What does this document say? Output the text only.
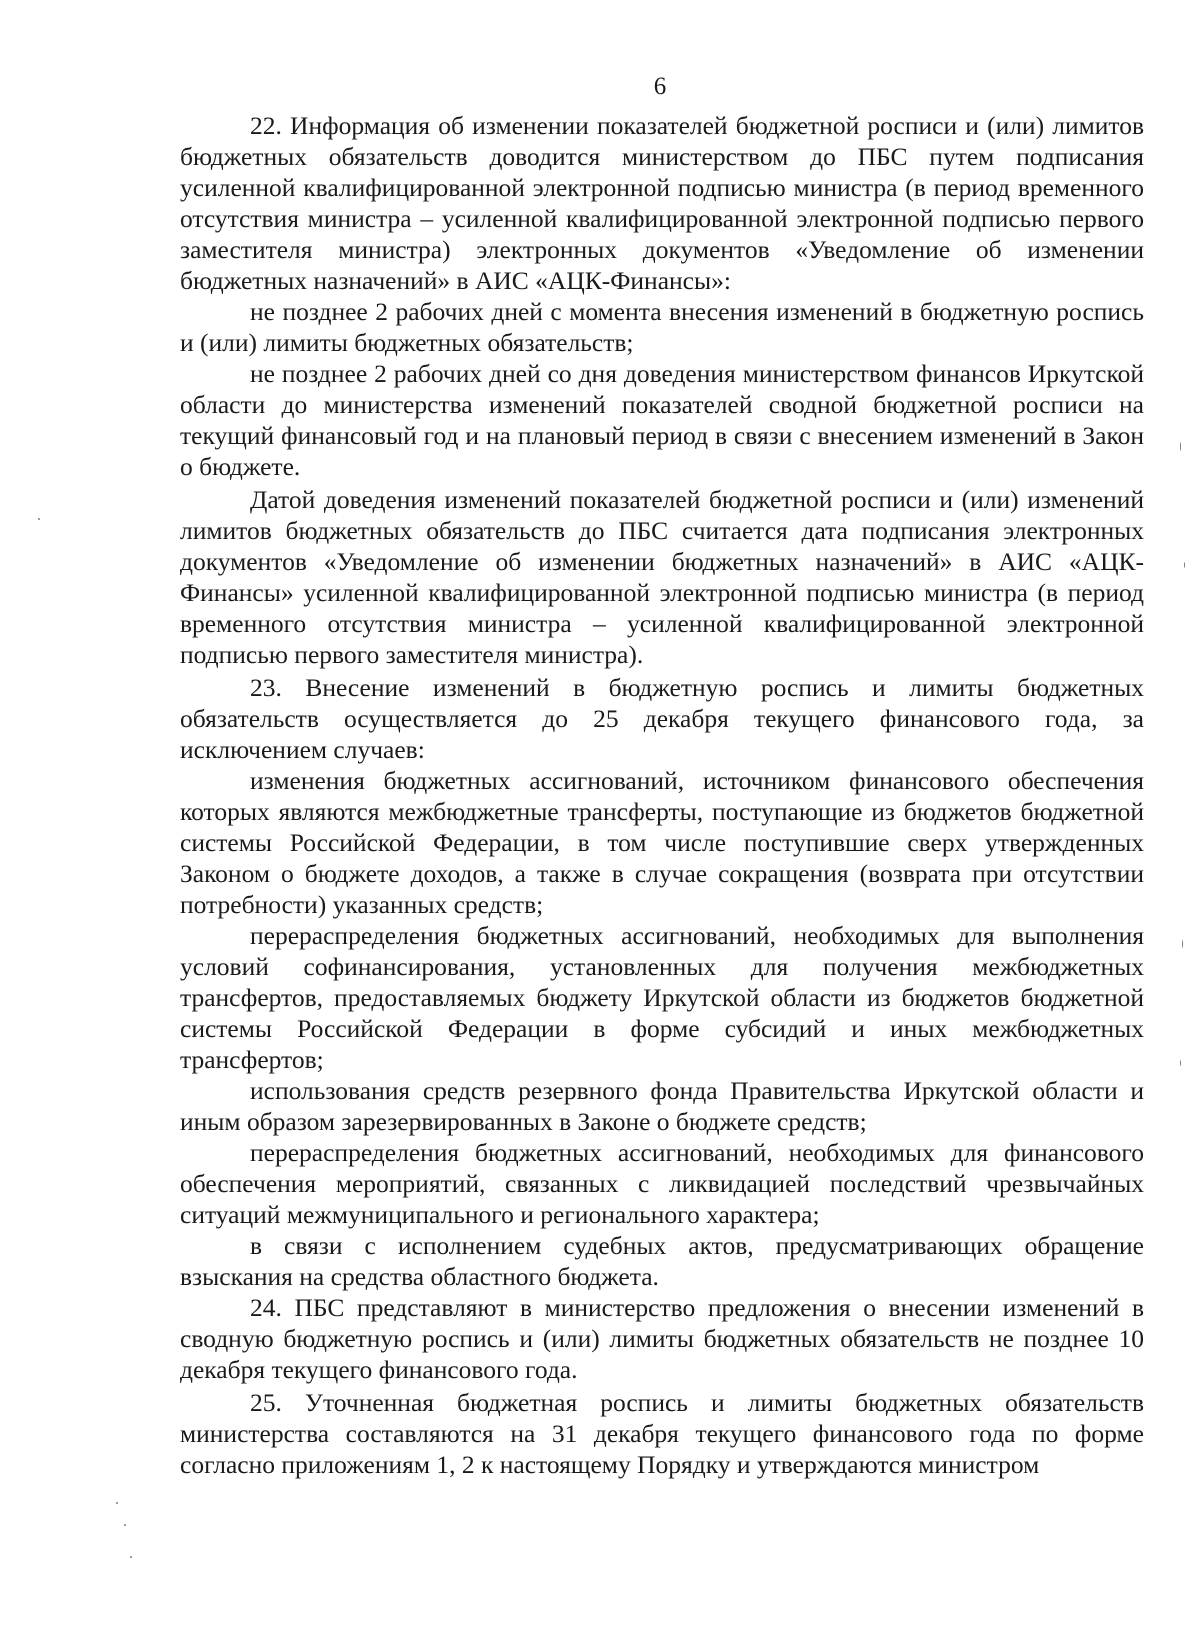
6

22. Информация об изменении показателей бюджетной росписи и (или) лимитов бюджетных обязательств доводится министерством до ПБС путем подписания усиленной квалифицированной электронной подписью министра (в период временного отсутствия министра – усиленной квалифицированной электронной подписью первого заместителя министра) электронных документов «Уведомление об изменении бюджетных назначений» в АИС «АЦК-Финансы»:

не позднее 2 рабочих дней с момента внесения изменений в бюджетную роспись и (или) лимиты бюджетных обязательств;

не позднее 2 рабочих дней со дня доведения министерством финансов Иркутской области до министерства изменений показателей сводной бюджетной росписи на текущий финансовый год и на плановый период в связи с внесением изменений в Закон о бюджете.

Датой доведения изменений показателей бюджетной росписи и (или) изменений лимитов бюджетных обязательств до ПБС считается дата подписания электронных документов «Уведомление об изменении бюджетных назначений» в АИС «АЦК-Финансы» усиленной квалифицированной электронной подписью министра (в период временного отсутствия министра – усиленной квалифицированной электронной подписью первого заместителя министра).

23. Внесение изменений в бюджетную роспись и лимиты бюджетных обязательств осуществляется до 25 декабря текущего финансового года, за исключением случаев:

изменения бюджетных ассигнований, источником финансового обеспечения которых являются межбюджетные трансферты, поступающие из бюджетов бюджетной системы Российской Федерации, в том числе поступившие сверх утвержденных Законом о бюджете доходов, а также в случае сокращения (возврата при отсутствии потребности) указанных средств;

перераспределения бюджетных ассигнований, необходимых для выполнения условий софинансирования, установленных для получения межбюджетных трансфертов, предоставляемых бюджету Иркутской области из бюджетов бюджетной системы Российской Федерации в форме субсидий и иных межбюджетных трансфертов;

использования средств резервного фонда Правительства Иркутской области и иным образом зарезервированных в Законе о бюджете средств;

перераспределения бюджетных ассигнований, необходимых для финансового обеспечения мероприятий, связанных с ликвидацией последствий чрезвычайных ситуаций межмуниципального и регионального характера;

в связи с исполнением судебных актов, предусматривающих обращение взыскания на средства областного бюджета.

24. ПБС представляют в министерство предложения о внесении изменений в сводную бюджетную роспись и (или) лимиты бюджетных обязательств не позднее 10 декабря текущего финансового года.

25. Уточненная бюджетная роспись и лимиты бюджетных обязательств министерства составляются на 31 декабря текущего финансового года по форме согласно приложениям 1, 2 к настоящему Порядку и утверждаются министром
